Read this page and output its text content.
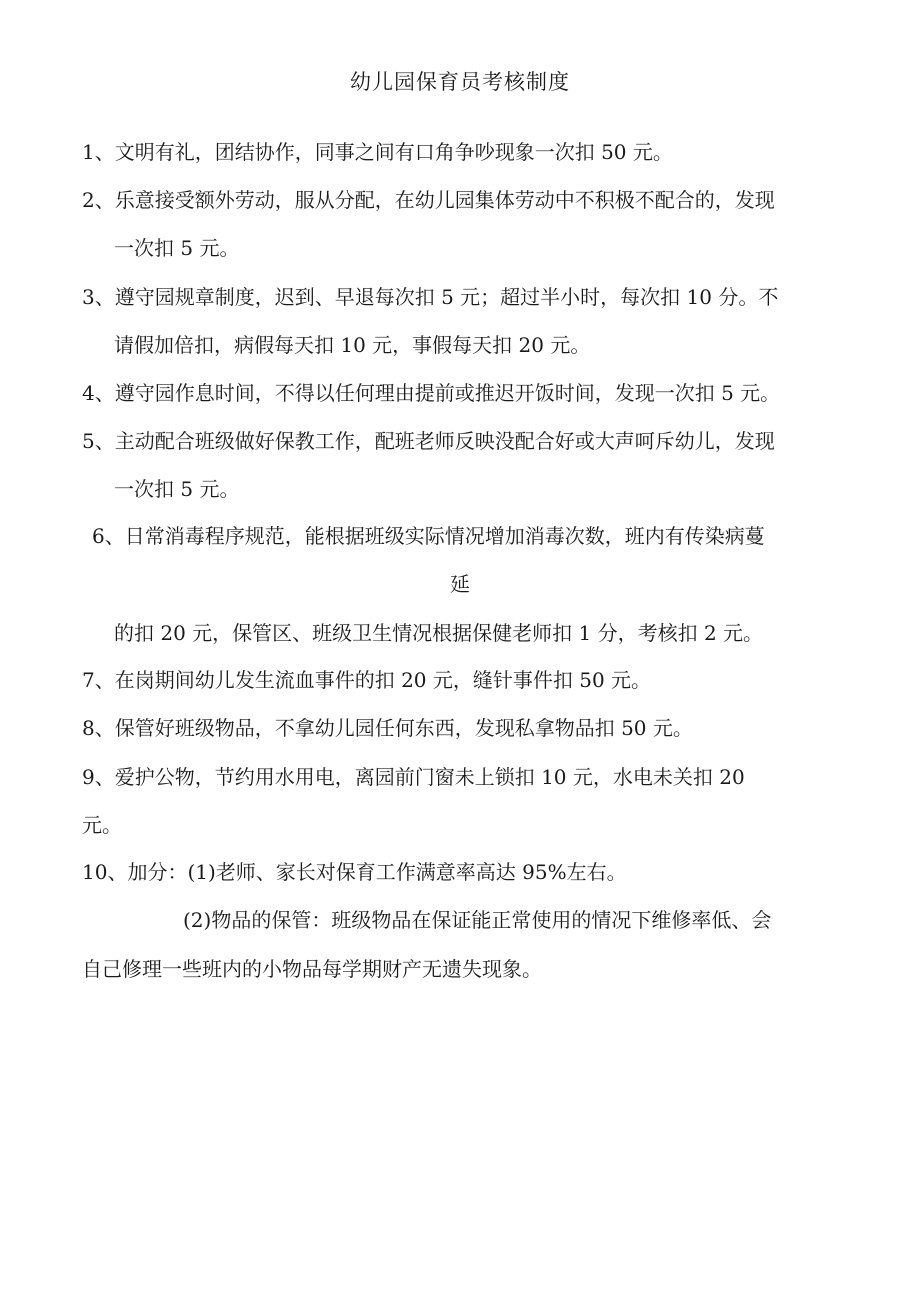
幼儿园保育员考核制度
1、文明有礼，团结协作，同事之间有口角争吵现象一次扣 50 元。
2、乐意接受额外劳动，服从分配，在幼儿园集体劳动中不积极不配合的，发现
一次扣 5 元。
3、遵守园规章制度，迟到、早退每次扣 5 元；超过半小时，每次扣 10 分。不
请假加倍扣，病假每天扣 10 元，事假每天扣 20 元。
4、遵守园作息时间，不得以任何理由提前或推迟开饭时间，发现一次扣 5 元。
5、主动配合班级做好保教工作，配班老师反映没配合好或大声呵斥幼儿，发现
一次扣 5 元。
6、日常消毒程序规范，能根据班级实际情况增加消毒次数，班内有传染病蔓
延
的扣 20 元，保管区、班级卫生情况根据保健老师扣 1 分，考核扣 2 元。
7、在岗期间幼儿发生流血事件的扣 20 元，缝针事件扣 50 元。
8、保管好班级物品，不拿幼儿园任何东西，发现私拿物品扣 50 元。
9、爱护公物，节约用水用电，离园前门窗未上锁扣 10 元，水电未关扣 20
元。
10、加分：(1)老师、家长对保育工作满意率高达 95%左右。
(2)物品的保管：班级物品在保证能正常使用的情况下维修率低、会
自己修理一些班内的小物品每学期财产无遗失现象。
